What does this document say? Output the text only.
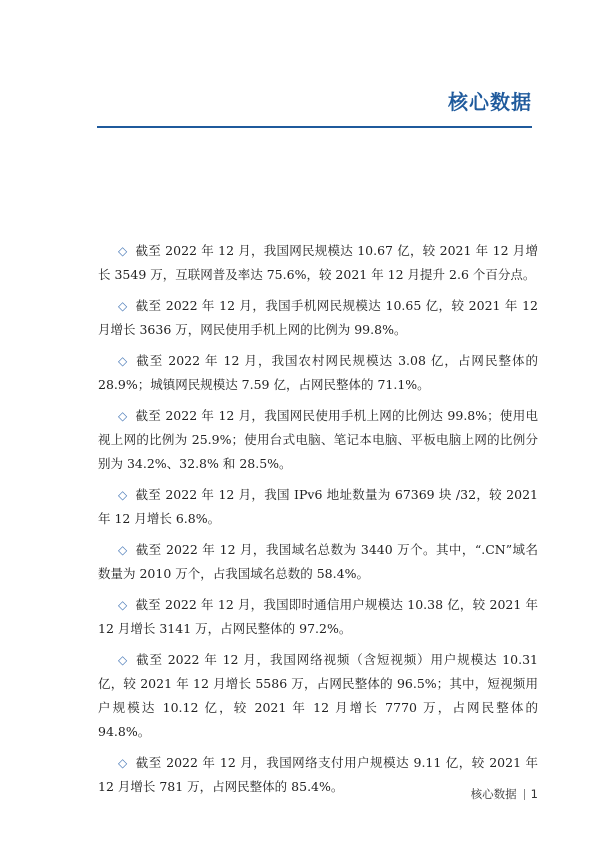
核心数据

◇ 截至 2022 年 12 月，我国网民规模达 10.67 亿，较 2021 年 12 月增长 3549 万，互联网普及率达 75.6%，较 2021 年 12 月提升 2.6 个百分点。

◇ 截至 2022 年 12 月，我国手机网民规模达 10.65 亿，较 2021 年 12 月增长 3636 万，网民使用手机上网的比例为 99.8%。

◇ 截至 2022 年 12 月，我国农村网民规模达 3.08 亿，占网民整体的 28.9%；城镇网民规模达 7.59 亿，占网民整体的 71.1%。

◇ 截至 2022 年 12 月，我国网民使用手机上网的比例达 99.8%；使用电视上网的比例为 25.9%；使用台式电脑、笔记本电脑、平板电脑上网的比例分别为 34.2%、32.8% 和 28.5%。

◇ 截至 2022 年 12 月，我国 IPv6 地址数量为 67369 块 /32，较 2021 年 12 月增长 6.8%。

◇ 截至 2022 年 12 月，我国域名总数为 3440 万个。其中，“.CN”域名数量为 2010 万个，占我国域名总数的 58.4%。

◇ 截至 2022 年 12 月，我国即时通信用户规模达 10.38 亿，较 2021 年 12 月增长 3141 万，占网民整体的 97.2%。

◇ 截至 2022 年 12 月，我国网络视频（含短视频）用户规模达 10.31 亿，较 2021 年 12 月增长 5586 万，占网民整体的 96.5%；其中，短视频用户规模达 10.12 亿，较 2021 年 12 月增长 7770 万，占网民整体的 94.8%。

◇ 截至 2022 年 12 月，我国网络支付用户规模达 9.11 亿，较 2021 年 12 月增长 781 万，占网民整体的 85.4%。	核心数据 1
